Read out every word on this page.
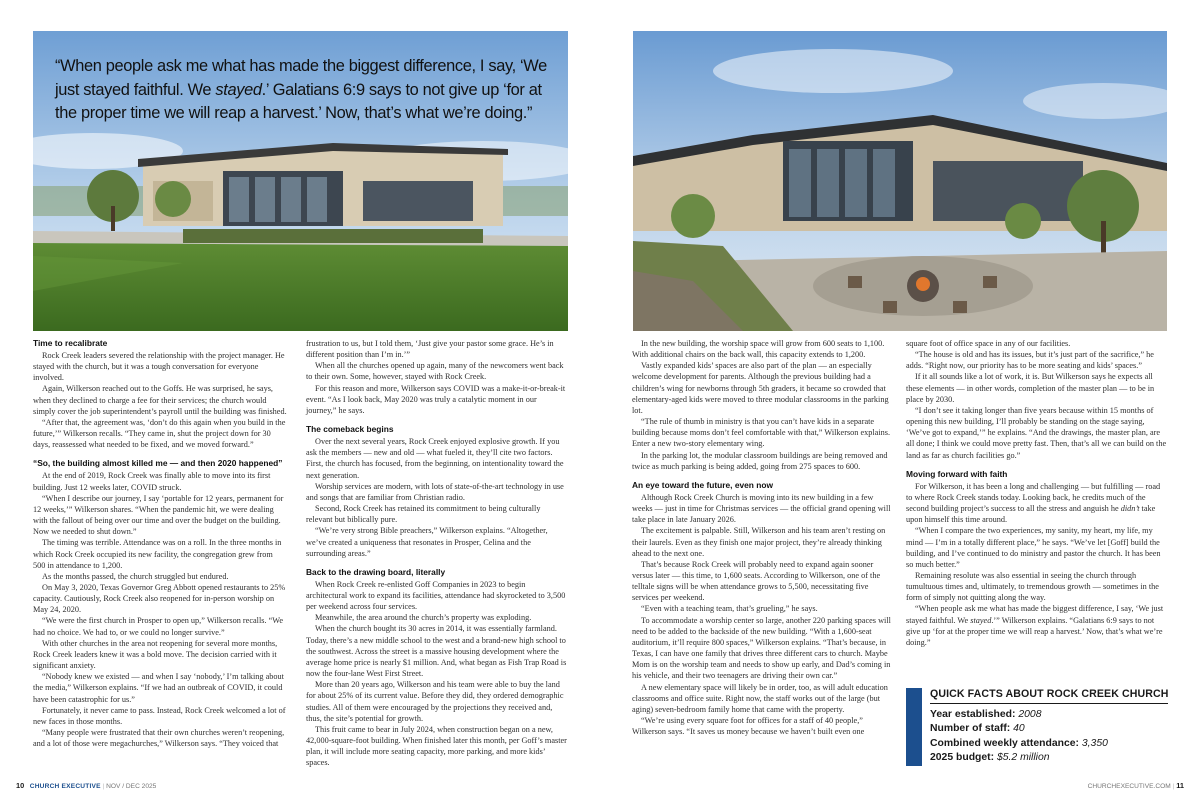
“When people ask me what has made the biggest difference, I say, ‘We just stayed faithful. We stayed.’ Galatians 6:9 says to not give up ‘for at the proper time we will reap a harvest.’ Now, that’s what we’re doing.”
Time to recalibrate

Rock Creek leaders severed the relationship with the project manager. He stayed with the church, but it was a tough conversation for everyone involved.

Again, Wilkerson reached out to the Goffs. He was surprised, he says, when they declined to charge a fee for their services; the church would simply cover the job superintendent’s payroll until the building was finished.

“After that, the agreement was, ‘don’t do this again when you build in the future,’” Wilkerson recalls. “They came in, shut the project down for 30 days, reassessed what needed to be fixed, and we moved forward.”

“So, the building almost killed me — and then 2020 happened”

At the end of 2019, Rock Creek was finally able to move into its first building. Just 12 weeks later, COVID struck.

“When I describe our journey, I say ‘portable for 12 years, permanent for 12 weeks,’” Wilkerson shares. “When the pandemic hit, we were dealing with the fallout of being over our time and over the budget on the building. Now we needed to shut down.”

The timing was terrible. Attendance was on a roll. In the three months in which Rock Creek occupied its new facility, the congregation grew from 500 in attendance to 1,200.

As the months passed, the church struggled but endured.

On May 3, 2020, Texas Governor Greg Abbott opened restaurants to 25% capacity. Cautiously, Rock Creek also reopened for in-person worship on May 24, 2020.

“We were the first church in Prosper to open up,” Wilkerson recalls. “We had no choice. We had to, or we could no longer survive.”

With other churches in the area not reopening for several more months, Rock Creek leaders knew it was a bold move. The decision carried with it significant anxiety.

“Nobody knew we existed — and when I say ‘nobody,’ I’m talking about the media,” Wilkerson explains. “If we had an outbreak of COVID, it could have been catastrophic for us.”

Fortunately, it never came to pass. Instead, Rock Creek welcomed a lot of new faces in those months.

“Many people were frustrated that their own churches weren’t reopening, and a lot of those were megachurches,” Wilkerson says. “They voiced that

frustration to us, but I told them, ‘Just give your pastor some grace. He’s in different position than I’m in.’”

When all the churches opened up again, many of the newcomers went back to their own. Some, however, stayed with Rock Creek.

For this reason and more, Wilkerson says COVID was a make-it-or-break-it event. “As I look back, May 2020 was truly a catalytic moment in our journey,” he says.

The comeback begins

Over the next several years, Rock Creek enjoyed explosive growth. If you ask the members — new and old — what fueled it, they’ll cite two factors. First, the church has focused, from the beginning, on intentionality toward the next generation.

Worship services are modern, with lots of state-of-the-art technology in use and songs that are familiar from Christian radio.

Second, Rock Creek has retained its commitment to being culturally relevant but biblically pure.

“We’re very strong Bible preachers,” Wilkerson explains. “Altogether, we’ve created a uniqueness that resonates in Prosper, Celina and the surrounding areas.”

Back to the drawing board, literally

When Rock Creek re-enlisted Goff Companies in 2023 to begin architectural work to expand its facilities, attendance had skyrocketed to 3,500 per weekend across four services.

Meanwhile, the area around the church’s property was exploding.

When the church bought its 30 acres in 2014, it was essentially farmland. Today, there’s a new middle school to the west and a brand-new high school to the southwest. Across the street is a massive housing development where the average home price is nearly $1 million. And, what began as Fish Trap Road is now the four-lane West First Street.

More than 20 years ago, Wilkerson and his team were able to buy the land for about 25% of its current value. Before they did, they ordered demographic studies. All of them were encouraged by the projections they received and, thus, the site’s potential for growth.

This fruit came to bear in July 2024, when construction began on a new, 42,000-square-foot building. When finished later this month, per Goff’s master plan, it will include more seating capacity, more parking, and more kids’ spaces.

In the new building, the worship space will grow from 600 seats to 1,100. With additional chairs on the back wall, this capacity extends to 1,200.

Vastly expanded kids’ spaces are also part of the plan — an especially welcome development for parents. Although the previous building had a children’s wing for newborns through 5th graders, it became so crowded that elementary-aged kids were moved to three modular classrooms in the parking lot.

“The rule of thumb in ministry is that you can’t have kids in a separate building because moms don’t feel comfortable with that,” Wilkerson explains. Enter a new two-story elementary wing.

In the parking lot, the modular classroom buildings are being removed and twice as much parking is being added, going from 275 spaces to 600.

An eye toward the future, even now

Although Rock Creek Church is moving into its new building in a few weeks — just in time for Christmas services — the official grand opening will take place in late January 2026.

The excitement is palpable. Still, Wilkerson and his team aren’t resting on their laurels. Even as they finish one major project, they’re already thinking ahead to the next one.

That’s because Rock Creek will probably need to expand again sooner versus later — this time, to 1,600 seats. According to Wilkerson, one of the telltale signs will be when attendance grows to 5,500, necessitating five services per weekend.

“Even with a teaching team, that’s grueling,” he says.

To accommodate a worship center so large, another 220 parking spaces will need to be added to the backside of the new building. “With a 1,600-seat auditorium, it’ll require 800 spaces,” Wilkerson explains. “That’s because, in Texas, I can have one family that drives three different cars to church. Maybe Mom is on the worship team and needs to show up early, and Dad’s coming in his vehicle, and their two teenagers are driving their own car.”

A new elementary space will likely be in order, too, as will adult education classrooms and office suite. Right now, the staff works out of the large (but aging) seven-bedroom family home that came with the property.

“We’re using every square foot for offices for a staff of 40 people,” Wilkerson says. “It saves us money because we haven’t built even one

square foot of office space in any of our facilities.

“The house is old and has its issues, but it’s just part of the sacrifice,” he adds. “Right now, our priority has to be more seating and kids’ spaces.”

If it all sounds like a lot of work, it is. But Wilkerson says he expects all these elements — in other words, completion of the master plan — to be in place by 2030.

“I don’t see it taking longer than five years because within 15 months of opening this new building, I’ll probably be standing on the stage saying, ‘We’ve got to expand,’” he explains. “And the drawings, the master plan, are all done; I think we could move pretty fast. Then, that’s all we can build on the land as far as church facilities go.”

Moving forward with faith

For Wilkerson, it has been a long and challenging — but fulfilling — road to where Rock Creek stands today. Looking back, he credits much of the second building project’s success to all the stress and anguish he didn’t take upon himself this time around.

“When I compare the two experiences, my sanity, my heart, my life, my mind — I’m in a totally different place,” he says. “We’ve let [Goff] build the building, and I’ve continued to do ministry and pastor the church. It has been so much better.”

Remaining resolute was also essential in seeing the church through tumultuous times and, ultimately, to tremendous growth — sometimes in the form of simply not quitting along the way.

“When people ask me what has made the biggest difference, I say, ‘We just stayed faithful. We stayed.’” Wilkerson explains. “Galatians 6:9 says to not give up ‘for at the proper time we will reap a harvest.’ Now, that’s what we’re doing.”

QUICK FACTS ABOUT ROCK CREEK CHURCH
Year established: 2008
Number of staff: 40
Combined weekly attendance: 3,350
2025 budget: $5.2 million
10 CHURCH EXECUTIVE | NOV / DEC 2025	CHURCHEXECUTIVE.COM | 11
